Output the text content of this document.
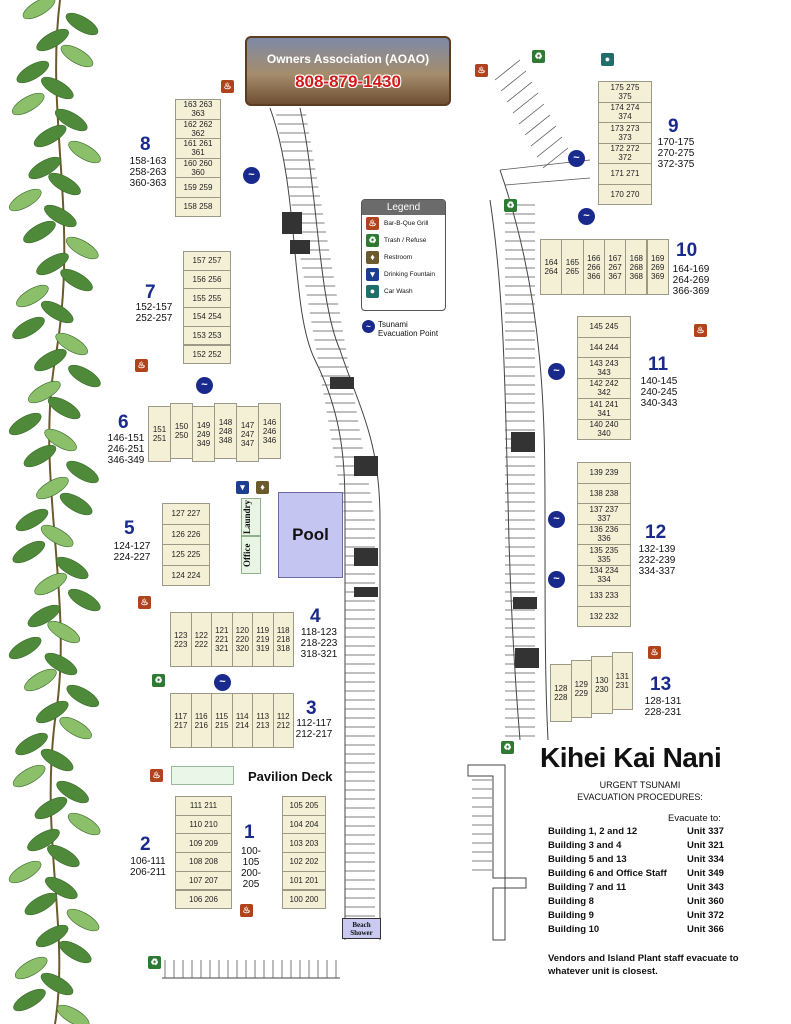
Owners Association (AOAO)
808-879-1430
Legend
♨	Bar-B-Que Grill
♻	Trash / Refuse
♦	Restroom
▾	Drinking Fountain
●	Car Wash
~ Tsunami
Evacuation Point
105 205
104 204
103 203
102 202
101 201
100 200
1
100-105
200-205
111 211
110 210
109 209
108 208
107 207
106 206
2
106-111
206-211
117
217
116
216
115
215
114
214
113
213
112
212
3
112-117
212-217
123
223
122
222
121
221
321
120
220
320
119
219
319
118
218
318
4
118-123
218-223
318-321
127 227
126 226
125 225
124 224
5
124-127
224-227
151
251
150
250
149
249
349
148
248
348
147
247
347
146
246
346
6
146-151
246-251
346-349
157 257
156 256
155 255
154 254
153 253
152 252
7
152-157
252-257
163 263
363
162 262
362
161 261
361
160 260
360
159 259
158 258
8
158-163
258-263
360-363
175 275
375
174 274
374
173 273
373
172 272
372
171 271
170 270
9
170-175
270-275
372-375
164
264
165
265
166
266
366
167
267
367
168
268
368
169
269
369
10
164-169
264-269
366-369
145 245
144 244
143 243
343
142 242
342
141 241
341
140 240
340
11
140-145
240-245
340-343
139 239
138 238
137 237
337
136 236
336
135 235
335
134 234
334
133 233
132 232
12
132-139
232-239
334-337
128
228
129
229
130
230
131
231 13
128-131
228-231
Pool
Laundry
Office
Pavilion Deck
Beach
Shower
♨
♨
♻	●
♻
♨
♨
▾	♦
♨
♻
♨
♻
♨
♨
♻
~
~
~
~
~
~
~
~
Kihei Kai Nani
URGENT TSUNAMI
EVACUATION PROCEDURES:
Evacuate to:
Building 1, 2 and 12	Unit 337
Building 3 and 4	Unit 321
Building 5 and 13	Unit 334
Building 6 and Office Staff Unit 349
Building 7 and 11	Unit 343
Building 8	Unit 360
Building 9	Unit 372
Building 10	Unit 366
Vendors and Island Plant staff evacuate to whatever unit is closest.
